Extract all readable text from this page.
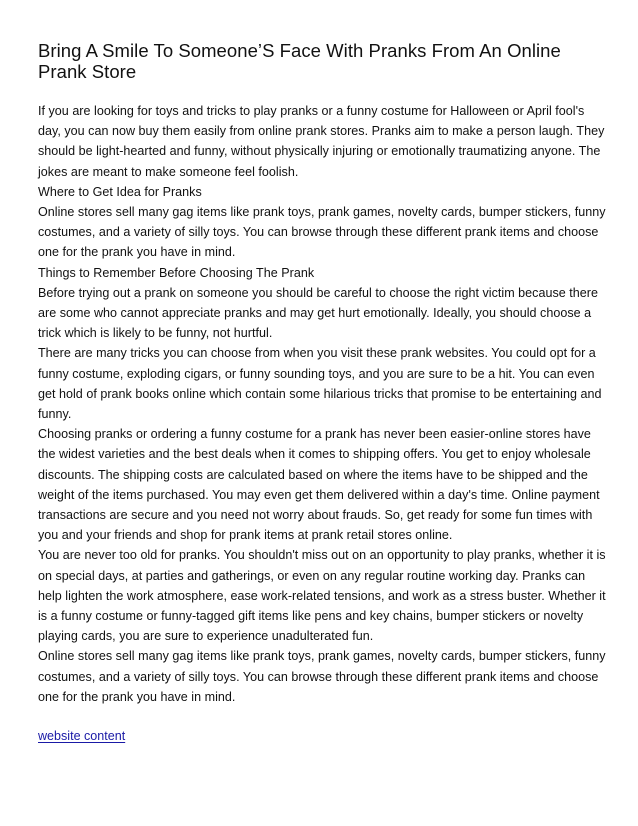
Bring A Smile To Someone’S Face With Pranks From An Online Prank Store

If you are looking for toys and tricks to play pranks or a funny costume for Halloween or April fool's day, you can now buy them easily from online prank stores. Pranks aim to make a person laugh. They should be light-hearted and funny, without physically injuring or emotionally traumatizing anyone. The jokes are meant to make someone feel foolish.

Where to Get Idea for Pranks

Online stores sell many gag items like prank toys, prank games, novelty cards, bumper stickers, funny costumes, and a variety of silly toys. You can browse through these different prank items and choose one for the prank you have in mind.

Things to Remember Before Choosing The Prank

Before trying out a prank on someone you should be careful to choose the right victim because there are some who cannot appreciate pranks and may get hurt emotionally. Ideally, you should choose a trick which is likely to be funny, not hurtful.

There are many tricks you can choose from when you visit these prank websites. You could opt for a funny costume, exploding cigars, or funny sounding toys, and you are sure to be a hit. You can even get hold of prank books online which contain some hilarious tricks that promise to be entertaining and funny.

Choosing pranks or ordering a funny costume for a prank has never been easier-online stores have the widest varieties and the best deals when it comes to shipping offers. You get to enjoy wholesale discounts. The shipping costs are calculated based on where the items have to be shipped and the weight of the items purchased. You may even get them delivered within a day's time. Online payment transactions are secure and you need not worry about frauds. So, get ready for some fun times with you and your friends and shop for prank items at prank retail stores online.

You are never too old for pranks. You shouldn't miss out on an opportunity to play pranks, whether it is on special days, at parties and gatherings, or even on any regular routine working day. Pranks can help lighten the work atmosphere, ease work-related tensions, and work as a stress buster. Whether it is a funny costume or funny-tagged gift items like pens and key chains, bumper stickers or novelty playing cards, you are sure to experience unadulterated fun.

Online stores sell many gag items like prank toys, prank games, novelty cards, bumper stickers, funny costumes, and a variety of silly toys. You can browse through these different prank items and choose one for the prank you have in mind.

website content
